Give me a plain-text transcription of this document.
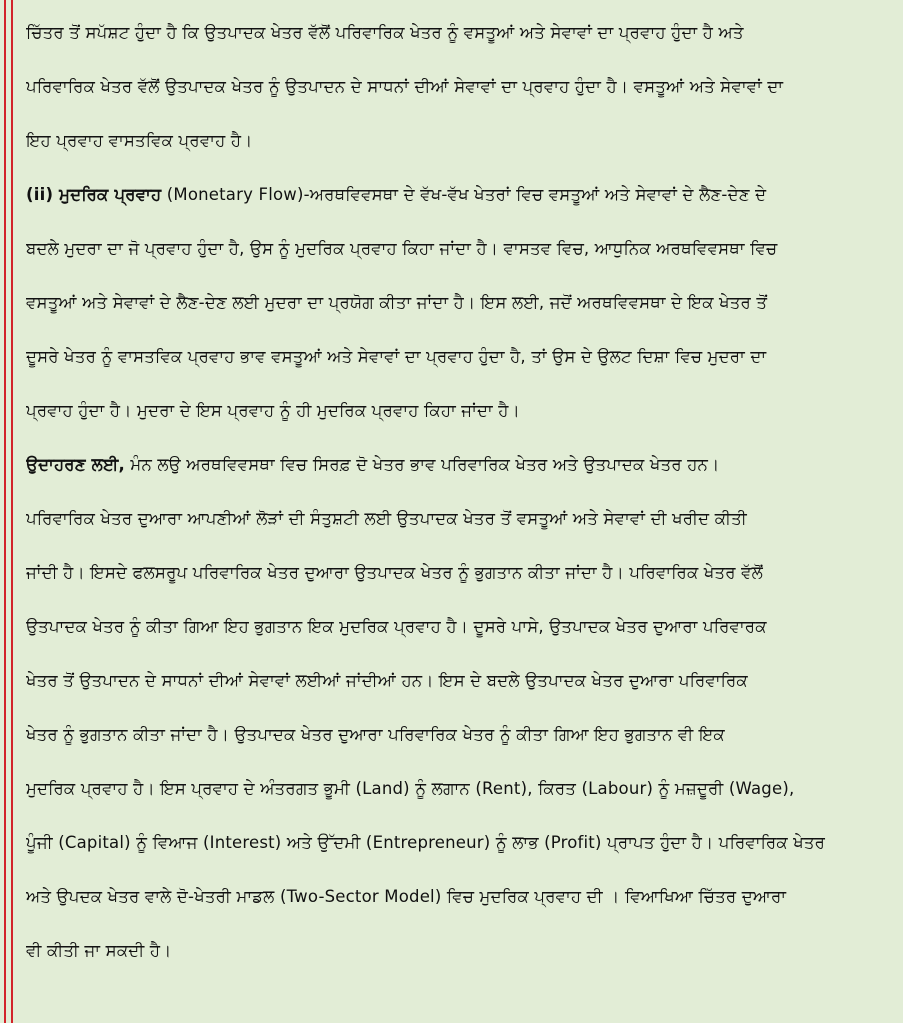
ਚਿੱਤਰ ਤੋਂ ਸਪੱਸ਼ਟ ਹੁੰਦਾ ਹੈ ਕਿ ਉਤਪਾਦਕ ਖੇਤਰ ਵੱਲੋਂ ਪਰਿਵਾਰਿਕ ਖੇਤਰ ਨੂੰ ਵਸਤੂਆਂ ਅਤੇ ਸੇਵਾਵਾਂ ਦਾ ਪ੍ਰਵਾਹ ਹੁੰਦਾ ਹੈ ਅਤੇ
ਪਰਿਵਾਰਿਕ ਖੇਤਰ ਵੱਲੋਂ ਉਤਪਾਦਕ ਖੇਤਰ ਨੂੰ ਉਤਪਾਦਨ ਦੇ ਸਾਧਨਾਂ ਦੀਆਂ ਸੇਵਾਵਾਂ ਦਾ ਪ੍ਰਵਾਹ ਹੁੰਦਾ ਹੈ। ਵਸਤੂਆਂ ਅਤੇ ਸੇਵਾਵਾਂ ਦਾ
ਇਹ ਪ੍ਰਵਾਹ ਵਾਸਤਵਿਕ ਪ੍ਰਵਾਹ ਹੈ।

(ii) ਮੁਦਰਿਕ ਪ੍ਰਵਾਹ (Monetary Flow)-ਅਰਥਵਿਵਸਥਾ ਦੇ ਵੱਖ-ਵੱਖ ਖੇਤਰਾਂ ਵਿਚ ਵਸਤੂਆਂ ਅਤੇ ਸੇਵਾਵਾਂ ਦੇ ਲੈਣ-ਦੇਣ ਦੇ
ਬਦਲੇ ਮੁਦਰਾ ਦਾ ਜੋ ਪ੍ਰਵਾਹ ਹੁੰਦਾ ਹੈ, ਉਸ ਨੂੰ ਮੁਦਰਿਕ ਪ੍ਰਵਾਹ ਕਿਹਾ ਜਾਂਦਾ ਹੈ। ਵਾਸਤਵ ਵਿਚ, ਆਧੁਨਿਕ ਅਰਥਵਿਵਸਥਾ ਵਿਚ
ਵਸਤੂਆਂ ਅਤੇ ਸੇਵਾਵਾਂ ਦੇ ਲੈਣ-ਦੇਣ ਲਈ ਮੁਦਰਾ ਦਾ ਪ੍ਰਯੋਗ ਕੀਤਾ ਜਾਂਦਾ ਹੈ। ਇਸ ਲਈ, ਜਦੋਂ ਅਰਥਵਿਵਸਥਾ ਦੇ ਇਕ ਖੇਤਰ ਤੋਂ
ਦੂਸਰੇ ਖੇਤਰ ਨੂੰ ਵਾਸਤਵਿਕ ਪ੍ਰਵਾਹ ਭਾਵ ਵਸਤੂਆਂ ਅਤੇ ਸੇਵਾਵਾਂ ਦਾ ਪ੍ਰਵਾਹ ਹੁੰਦਾ ਹੈ, ਤਾਂ ਉਸ ਦੇ ਉਲਟ ਦਿਸ਼ਾ ਵਿਚ ਮੁਦਰਾ ਦਾ
ਪ੍ਰਵਾਹ ਹੁੰਦਾ ਹੈ। ਮੁਦਰਾ ਦੇ ਇਸ ਪ੍ਰਵਾਹ ਨੂੰ ਹੀ ਮੁਦਰਿਕ ਪ੍ਰਵਾਹ ਕਿਹਾ ਜਾਂਦਾ ਹੈ।

ਉਦਾਹਰਣ ਲਈ, ਮੰਨ ਲਉ ਅਰਥਵਿਵਸਥਾ ਵਿਚ ਸਿਰਫ਼ ਦੋ ਖੇਤਰ ਭਾਵ ਪਰਿਵਾਰਿਕ ਖੇਤਰ ਅਤੇ ਉਤਪਾਦਕ ਖੇਤਰ ਹਨ।
ਪਰਿਵਾਰਿਕ ਖੇਤਰ ਦੁਆਰਾ ਆਪਣੀਆਂ ਲੋੜਾਂ ਦੀ ਸੰਤੁਸ਼ਟੀ ਲਈ ਉਤਪਾਦਕ ਖੇਤਰ ਤੋਂ ਵਸਤੂਆਂ ਅਤੇ ਸੇਵਾਵਾਂ ਦੀ ਖਰੀਦ ਕੀਤੀ
ਜਾਂਦੀ ਹੈ। ਇਸਦੇ ਫਲਸਰੂਪ ਪਰਿਵਾਰਿਕ ਖੇਤਰ ਦੁਆਰਾ ਉਤਪਾਦਕ ਖੇਤਰ ਨੂੰ ਭੁਗਤਾਨ ਕੀਤਾ ਜਾਂਦਾ ਹੈ। ਪਰਿਵਾਰਿਕ ਖੇਤਰ ਵੱਲੋਂ
ਉਤਪਾਦਕ ਖੇਤਰ ਨੂੰ ਕੀਤਾ ਗਿਆ ਇਹ ਭੁਗਤਾਨ ਇਕ ਮੁਦਰਿਕ ਪ੍ਰਵਾਹ ਹੈ। ਦੂਸਰੇ ਪਾਸੇ, ਉਤਪਾਦਕ ਖੇਤਰ ਦੁਆਰਾ ਪਰਿਵਾਰਕ
ਖੇਤਰ ਤੋਂ ਉਤਪਾਦਨ ਦੇ ਸਾਧਨਾਂ ਦੀਆਂ ਸੇਵਾਵਾਂ ਲਈਆਂ ਜਾਂਦੀਆਂ ਹਨ। ਇਸ ਦੇ ਬਦਲੇ ਉਤਪਾਦਕ ਖੇਤਰ ਦੁਆਰਾ ਪਰਿਵਾਰਿਕ
ਖੇਤਰ ਨੂੰ ਭੁਗਤਾਨ ਕੀਤਾ ਜਾਂਦਾ ਹੈ। ਉਤਪਾਦਕ ਖੇਤਰ ਦੁਆਰਾ ਪਰਿਵਾਰਿਕ ਖੇਤਰ ਨੂੰ ਕੀਤਾ ਗਿਆ ਇਹ ਭੁਗਤਾਨ ਵੀ ਇਕ
ਮੁਦਰਿਕ ਪ੍ਰਵਾਹ ਹੈ। ਇਸ ਪ੍ਰਵਾਹ ਦੇ ਅੰਤਰਗਤ ਭੂਮੀ (Land) ਨੂੰ ਲਗਾਨ (Rent), ਕਿਰਤ (Labour) ਨੂੰ ਮਜ਼ਦੂਰੀ (Wage),
ਪੂੰਜੀ (Capital) ਨੂੰ ਵਿਆਜ (Interest) ਅਤੇ ਉੱਦਮੀ (Entrepreneur) ਨੂੰ ਲਾਭ (Profit) ਪ੍ਰਾਪਤ ਹੁੰਦਾ ਹੈ। ਪਰਿਵਾਰਿਕ ਖੇਤਰ
ਅਤੇ ਉਪਦਕ ਖੇਤਰ ਵਾਲੇ ਦੋ-ਖੇਤਰੀ ਮਾਡਲ (Two-Sector Model) ਵਿਚ ਮੁਦਰਿਕ ਪ੍ਰਵਾਹ ਦੀ । ਵਿਆਖਿਆ ਚਿੱਤਰ ਦੁਆਰਾ
ਵੀ ਕੀਤੀ ਜਾ ਸਕਦੀ ਹੈ।
